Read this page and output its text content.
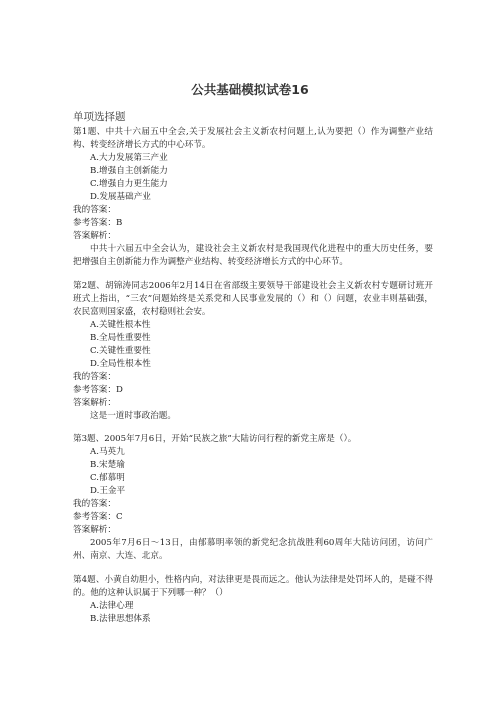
公共基础模拟试卷16
单项选择题

第1题、中共十六届五中全会,关于发展社会主义新农村问题上,认为要把（）作为调整产业结构、转变经济增长方式的中心环节。

A.大力发展第三产业
B.增强自主创新能力
C.增强自力更生能力
D.发展基础产业
我的答案：
参考答案：B
答案解析：

中共十六届五中全会认为，建设社会主义新农村是我国现代化进程中的重大历史任务，要把增强自主创新能力作为调整产业结构、转变经济增长方式的中心环节。

第2题、胡锦涛同志2006年2月14日在省部级主要领导干部建设社会主义新农村专题研讨班开班式上指出，“三农”问题始终是关系党和人民事业发展的（）和（）问题，农业丰则基础强，农民富则国家盛，农村稳则社会安。

A.关键性根本性
B.全局性重要性
C.关键性重要性
D.全局性根本性
我的答案：
参考答案：D
答案解析：

这是一道时事政治题。

第3题、2005年7月6日，开始“民族之旅”大陆访问行程的新党主席是（）。

A.马英九
B.宋楚瑜
C.郁慕明
D.王金平
我的答案：
参考答案：C
答案解析：

2005年7月6日～13日，由郁慕明率领的新党纪念抗战胜利60周年大陆访问团，访问广州、南京、大连、北京。

第4题、小黄自幼胆小，性格内向，对法律更是畏而远之。他认为法律是处罚坏人的，是碰不得的。他的这种认识属于下列哪一种？（）

A.法律心理
B.法律思想体系
